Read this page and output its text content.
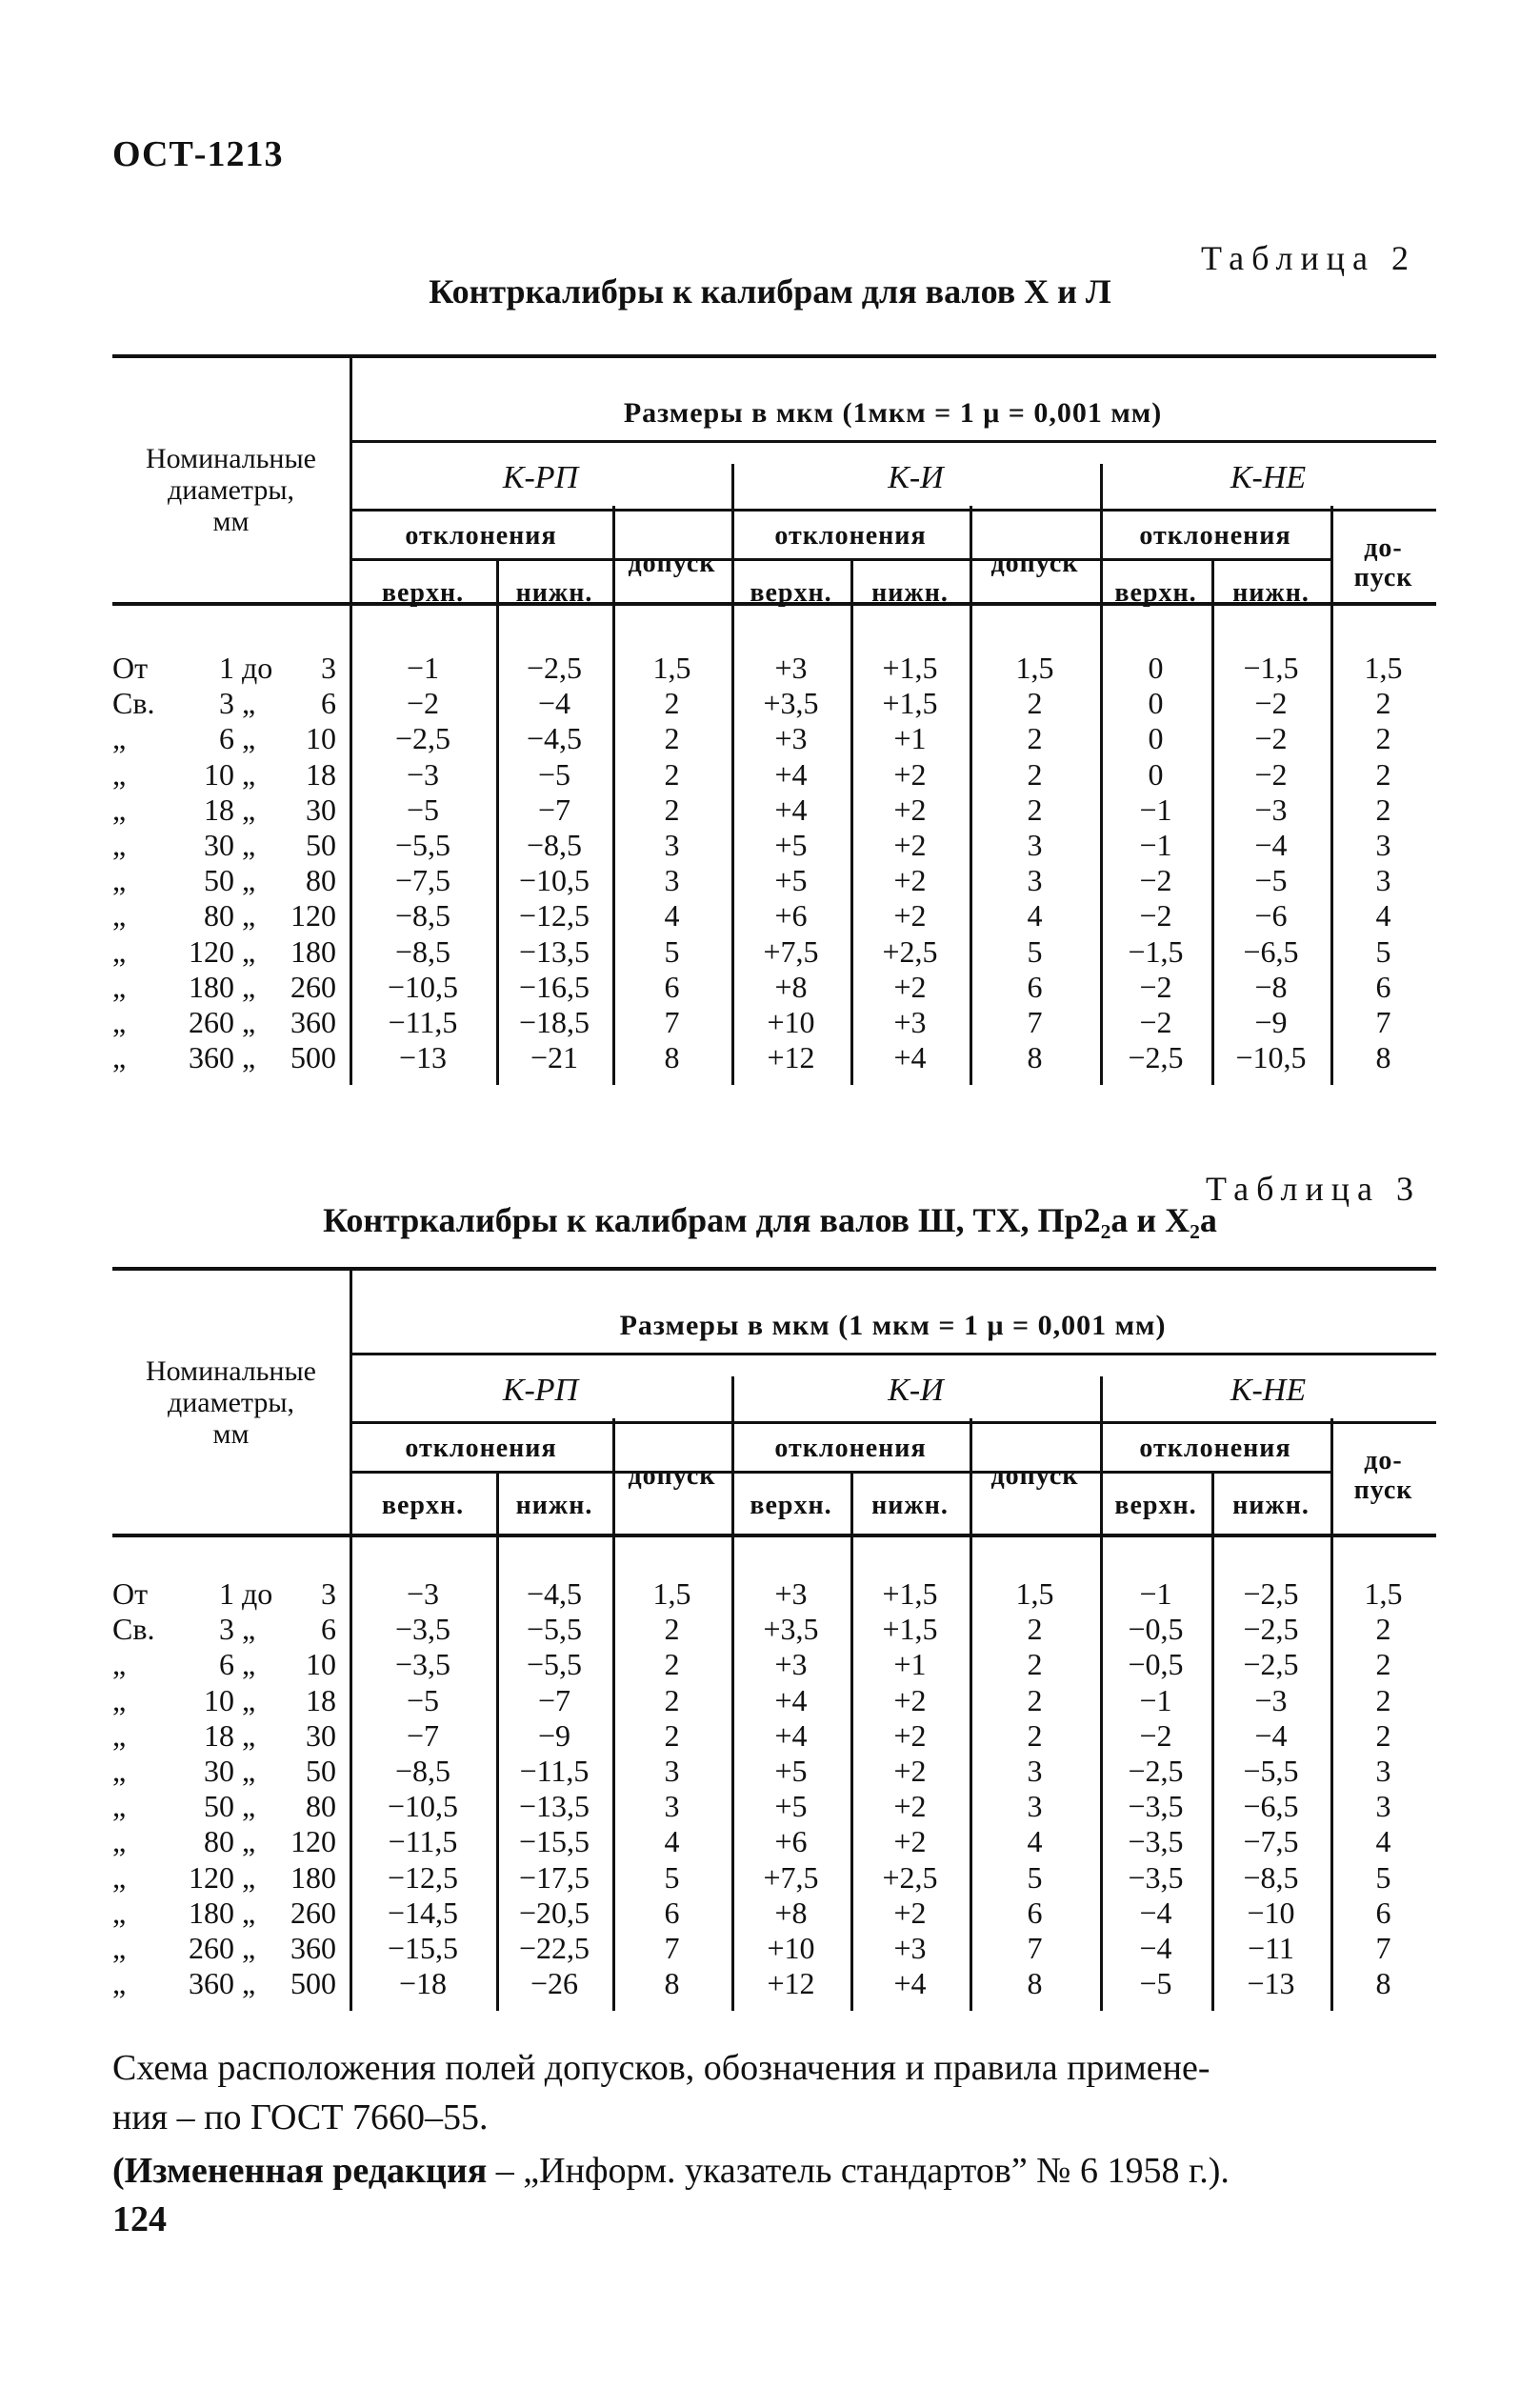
ОСТ-1213
Таблица 2
Контркалибры к калибрам для валов X и Л
Номинальные
диаметры,
мм
Размеры в мкм (1мкм = 1 μ = 0,001 мм)
К-РП	К-И	К-НЕ
отклонения	отклонения	отклонения
верхн.	нижн.	верхн.	нижн.	верхн.	нижн.
допуск	допуск
до-
пуск
От	1 до	3	−1	−2,5	1,5	+3	+1,5	1,5	0	−1,5	1,5
Св.	3 „	6	−2	−4	2	+3,5	+1,5	2	0	−2	2
„	6 „	10	−2,5	−4,5	2	+3	+1	2	0	−2	2
„	10 „	18	−3	−5	2	+4	+2	2	0	−2	2
„	18 „	30	−5	−7	2	+4	+2	2	−1	−3	2
„	30 „	50	−5,5	−8,5	3	+5	+2	3	−1	−4	3
„	50 „	80	−7,5	−10,5	3	+5	+2	3	−2	−5	3
„	80 „	120	−8,5	−12,5	4	+6	+2	4	−2	−6	4
„	120 „	180	−8,5	−13,5	5	+7,5	+2,5	5	−1,5	−6,5	5
„	180 „	260	−10,5	−16,5	6	+8	+2	6	−2	−8	6
„	260 „	360	−11,5	−18,5	7	+10	+3	7	−2	−9	7
„	360 „	500	−13	−21	8	+12	+4	8	−2,5	−10,5	8
Таблица 3
Контркалибры к калибрам для валов Ш, ТХ, Пр2₂а и Х₂а
Номинальные
диаметры,
мм
Размеры в мкм (1 мкм = 1 μ = 0,001 мм)
К-РП	К-И	К-НЕ
отклонения	отклонения	отклонения
верхн.	нижн.	верхн.	нижн.	верхн.	нижн.
допуск	допуск
до-
пуск
От	1 до	3	−3	−4,5	1,5	+3	+1,5	1,5	−1	−2,5	1,5
Св.	3 „	6	−3,5	−5,5	2	+3,5	+1,5	2	−0,5	−2,5	2
„	6 „	10	−3,5	−5,5	2	+3	+1	2	−0,5	−2,5	2
„	10 „	18	−5	−7	2	+4	+2	2	−1	−3	2
„	18 „	30	−7	−9	2	+4	+2	2	−2	−4	2
„	30 „	50	−8,5	−11,5	3	+5	+2	3	−2,5	−5,5	3
„	50 „	80	−10,5	−13,5	3	+5	+2	3	−3,5	−6,5	3
„	80 „	120	−11,5	−15,5	4	+6	+2	4	−3,5	−7,5	4
„	120 „	180	−12,5	−17,5	5	+7,5	+2,5	5	−3,5	−8,5	5
„	180 „	260	−14,5	−20,5	6	+8	+2	6	−4	−10	6
„	260 „	360	−15,5	−22,5	7	+10	+3	7	−4	−11	7
„	360 „	500	−18	−26	8	+12	+4	8	−5	−13	8
Схема расположения полей допусков, обозначения и правила примене-
ния – по ГОСТ 7660–55.
(Измененная редакция – „Информ. указатель стандартов” № 6 1958 г.).
124
